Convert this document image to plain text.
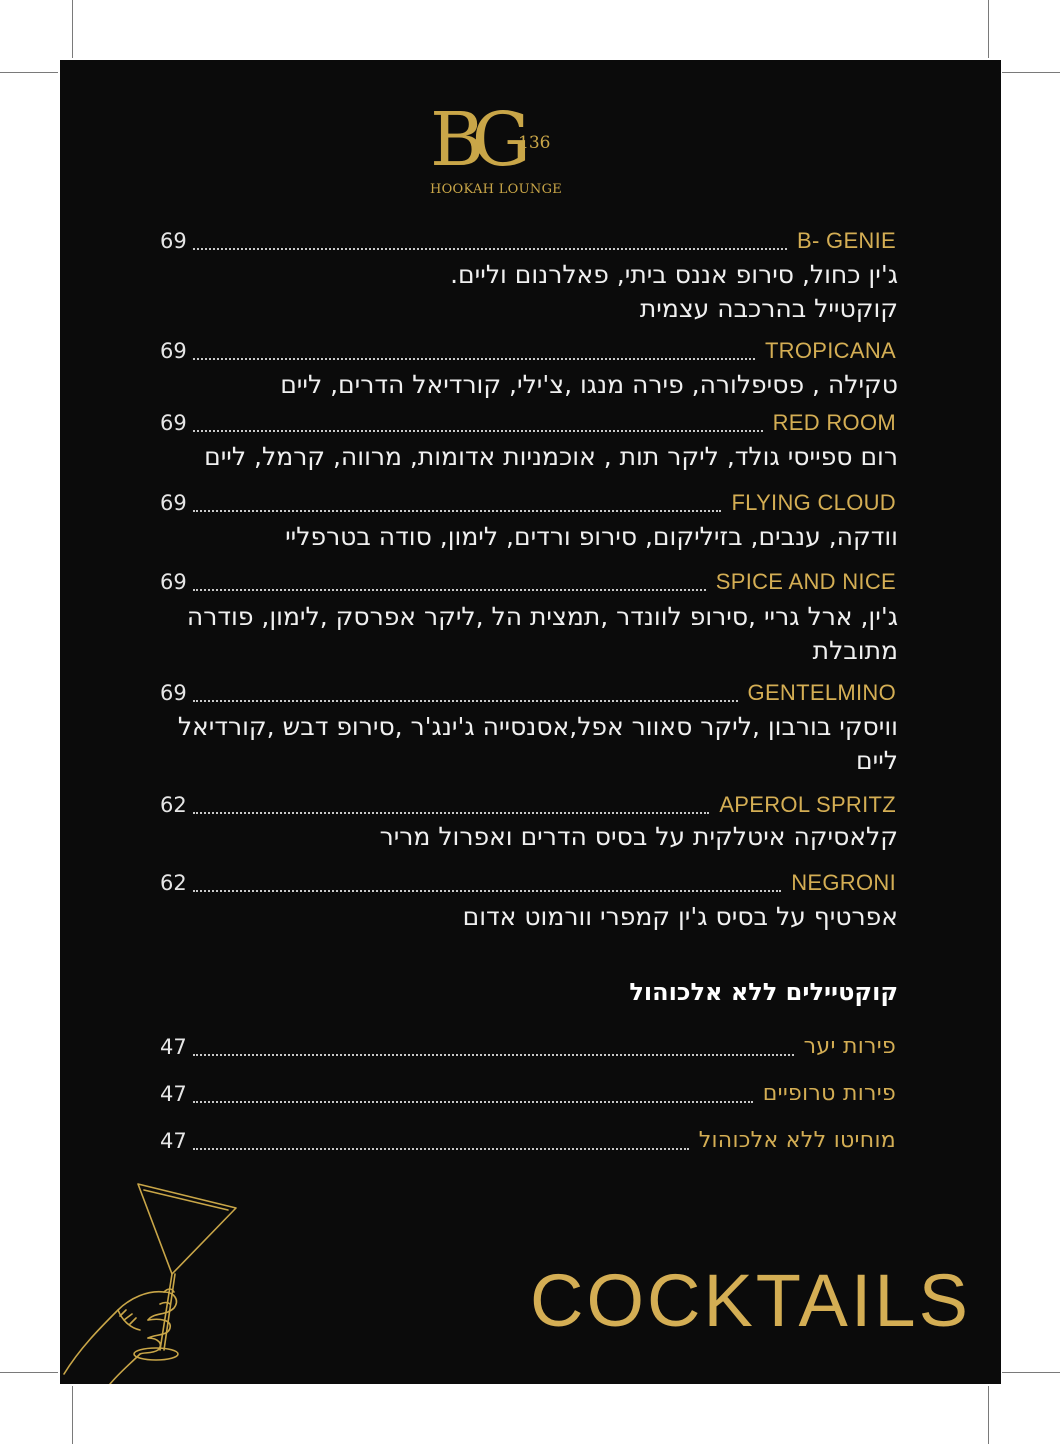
BG 136
HOOKAH LOUNGE
69	B- GENIE
ג'ין כחול, סירופ אננס ביתי, פאלרנום וליים.
קוקטייל בהרכבה עצמית
69	TROPICANA
טקילה , פסיפלורה, פירה מנגו ,צ'ילי, קורדיאל הדרים, ליים
69	RED ROOM
רום ספייסי גולד, ליקר תות , אוכמניות אדומות, מרווה, קרמל, ליים
69	FLYING CLOUD
וודקה, ענבים, בזיליקום, סירופ ורדים, לימון, סודה בטרפליי
69	SPICE AND NICE
ג'ין, ארל גריי ,סירופ לוונדר ,תמצית הל ,ליקר אפרסק ,לימון, פודרה
מתובלת
69	GENTELMINO
וויסקי בורבון ,ליקר סאוור אפל,אסנסייה ג'ינג'ר ,סירופ דבש ,קורדיאל
ליים
62	APEROL SPRITZ
קלאסיקה איטלקית על בסיס הדרים ואפרול מריר
62	NEGRONI
אפרטיף על בסיס ג'ין קמפרי וורמוט אדום
קוקטיילים ללא אלכוהול
47	פירות יער
47	פירות טרופיים
47	מוחיטו ללא אלכוהול
COCKTAILS
